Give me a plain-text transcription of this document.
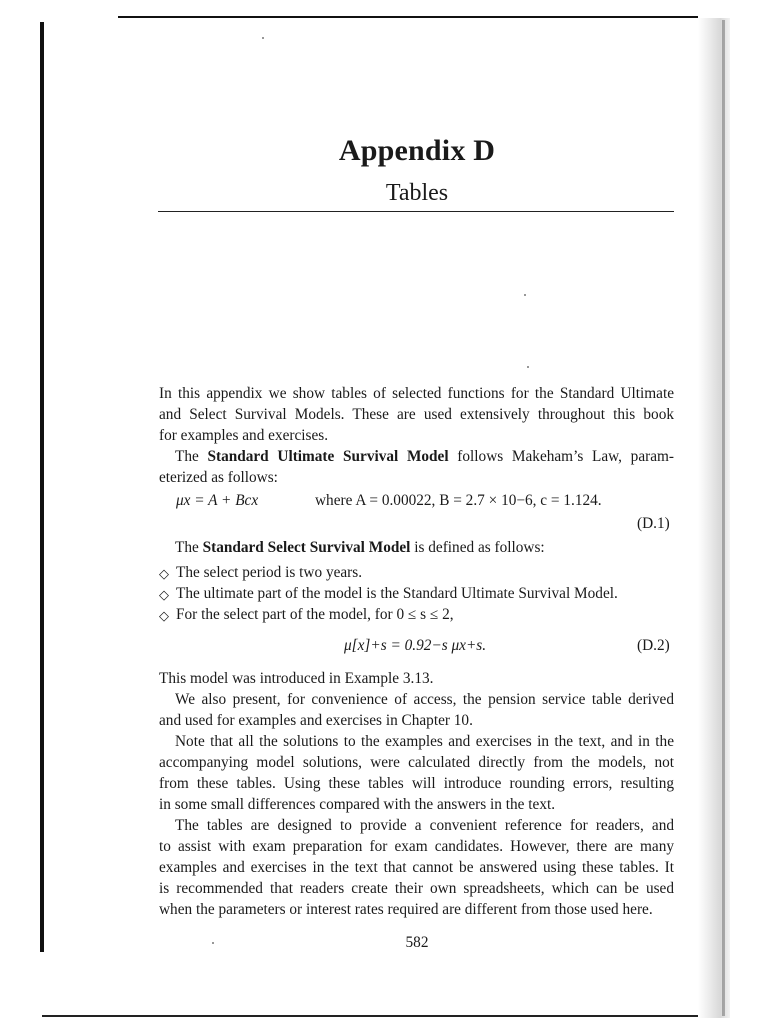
Appendix D
Tables

In this appendix we show tables of selected functions for the Standard Ultimate

and Select Survival Models. These are used extensively throughout this book

for examples and exercises.

The Standard Ultimate Survival Model follows Makeham’s Law, param-

eterized as follows:

μx = A + Bcx	where A = 0.00022, B = 2.7 × 10−6, c = 1.124.
(D.1)

The Standard Select Survival Model is defined as follows:

◇ The select period is two years.
◇ The ultimate part of the model is the Standard Ultimate Survival Model.
◇ For the select part of the model, for 0 ≤ s ≤ 2,
μ[x]+s = 0.92−s μx+s.	(D.2)

This model was introduced in Example 3.13.

We also present, for convenience of access, the pension service table derived

and used for examples and exercises in Chapter 10.

Note that all the solutions to the examples and exercises in the text, and in the

accompanying model solutions, were calculated directly from the models, not

from these tables. Using these tables will introduce rounding errors, resulting

in some small differences compared with the answers in the text.

The tables are designed to provide a convenient reference for readers, and

to assist with exam preparation for exam candidates. However, there are many

examples and exercises in the text that cannot be answered using these tables. It

is recommended that readers create their own spreadsheets, which can be used

when the parameters or interest rates required are different from those used here.

582
